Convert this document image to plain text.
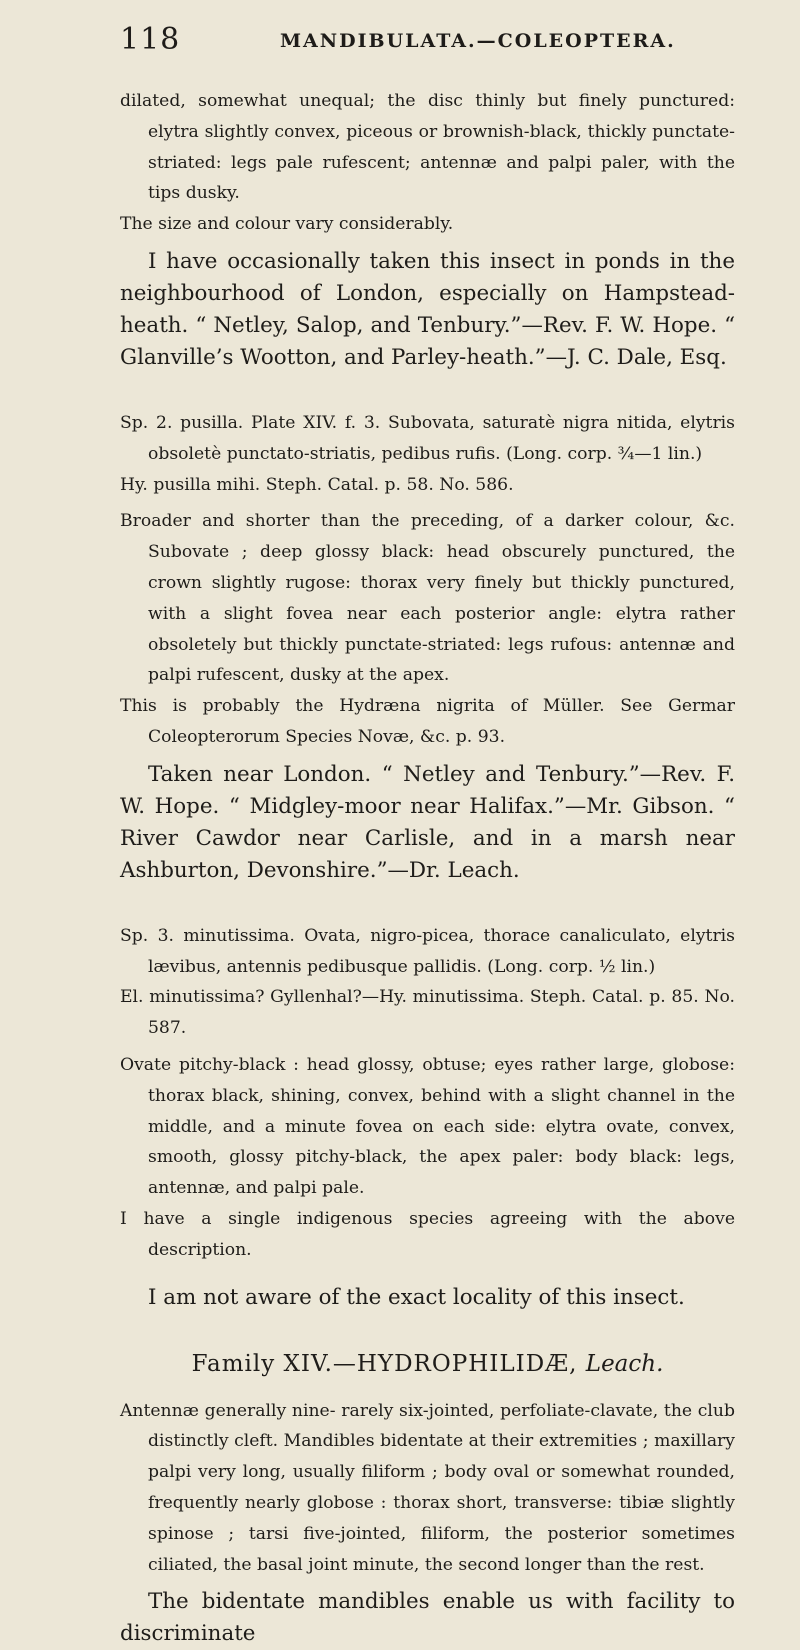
118	MANDIBULATA.—COLEOPTERA.

dilated, somewhat unequal; the disc thinly but finely punctured: elytra slightly convex, piceous or brownish-black, thickly punctate-striated: legs pale rufescent; antennæ and palpi paler, with the tips dusky.

The size and colour vary considerably.

I have occasionally taken this insect in ponds in the neighbourhood of London, especially on Hampstead-heath. “ Netley, Salop, and Tenbury.”—Rev. F. W. Hope. “ Glanville’s Wootton, and Parley-heath.”—J. C. Dale, Esq.

Sp. 2. pusilla. Plate XIV. f. 3. Subovata, saturatè nigra nitida, elytris obsoletè punctato-striatis, pedibus rufis. (Long. corp. ¾—1 lin.)

Hy. pusilla mihi. Steph. Catal. p. 58. No. 586.

Broader and shorter than the preceding, of a darker colour, &c. Subovate ; deep glossy black: head obscurely punctured, the crown slightly rugose: thorax very finely but thickly punctured, with a slight fovea near each posterior angle: elytra rather obsoletely but thickly punctate-striated: legs rufous: antennæ and palpi rufescent, dusky at the apex.

This is probably the Hydræna nigrita of Müller. See Germar Coleopterorum Species Novæ, &c. p. 93.

Taken near London. “ Netley and Tenbury.”—Rev. F. W. Hope. “ Midgley-moor near Halifax.”—Mr. Gibson. “ River Cawdor near Carlisle, and in a marsh near Ashburton, Devonshire.”—Dr. Leach.

Sp. 3. minutissima. Ovata, nigro-picea, thorace canaliculato, elytris lævibus, antennis pedibusque pallidis. (Long. corp. ½ lin.)

El. minutissima? Gyllenhal?—Hy. minutissima. Steph. Catal. p. 85. No. 587.

Ovate pitchy-black : head glossy, obtuse; eyes rather large, globose: thorax black, shining, convex, behind with a slight channel in the middle, and a minute fovea on each side: elytra ovate, convex, smooth, glossy pitchy-black, the apex paler: body black: legs, antennæ, and palpi pale.

I have a single indigenous species agreeing with the above description.

I am not aware of the exact locality of this insect.

Family XIV.—HYDROPHILIDÆ, Leach.

Antennæ generally nine- rarely six-jointed, perfoliate-clavate, the club distinctly cleft. Mandibles bidentate at their extremities ; maxillary palpi very long, usually filiform ; body oval or somewhat rounded, frequently nearly globose : thorax short, transverse: tibiæ slightly spinose ; tarsi five-jointed, filiform, the posterior sometimes ciliated, the basal joint minute, the second longer than the rest.

The bidentate mandibles enable us with facility to discriminate
